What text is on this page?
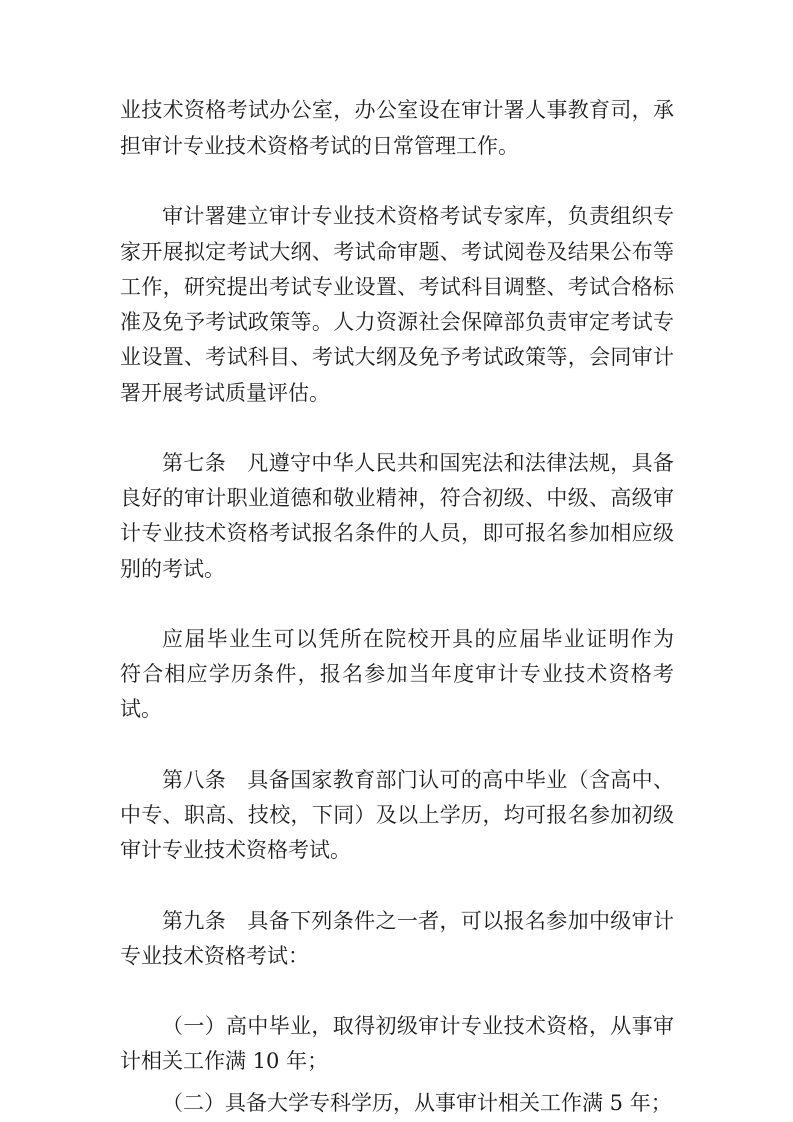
业技术资格考试办公室，办公室设在审计署人事教育司，承

担审计专业技术资格考试的日常管理工作。

审计署建立审计专业技术资格考试专家库，负责组织专

家开展拟定考试大纲、考试命审题、考试阅卷及结果公布等

工作，研究提出考试专业设置、考试科目调整、考试合格标

准及免予考试政策等。人力资源社会保障部负责审定考试专

业设置、考试科目、考试大纲及免予考试政策等，会同审计

署开展考试质量评估。

第七条　凡遵守中华人民共和国宪法和法律法规，具备

良好的审计职业道德和敬业精神，符合初级、中级、高级审

计专业技术资格考试报名条件的人员，即可报名参加相应级

别的考试。

应届毕业生可以凭所在院校开具的应届毕业证明作为

符合相应学历条件，报名参加当年度审计专业技术资格考

试。

第八条　具备国家教育部门认可的高中毕业（含高中、

中专、职高、技校，下同）及以上学历，均可报名参加初级

审计专业技术资格考试。

第九条　具备下列条件之一者，可以报名参加中级审计

专业技术资格考试：

（一）高中毕业，取得初级审计专业技术资格，从事审

计相关工作满 10 年；

（二）具备大学专科学历，从事审计相关工作满 5 年；
